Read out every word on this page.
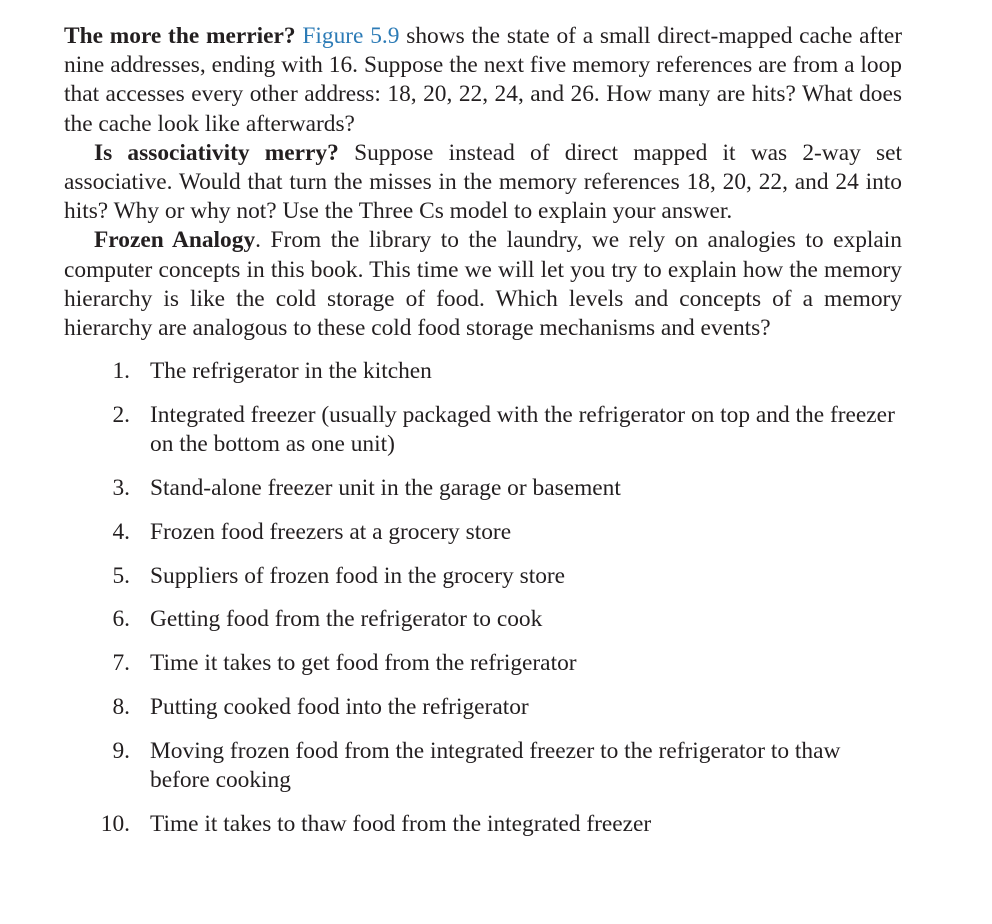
The more the merrier? Figure 5.9 shows the state of a small direct-mapped cache after nine addresses, ending with 16. Suppose the next five memory references are from a loop that accesses every other address: 18, 20, 22, 24, and 26. How many are hits? What does the cache look like afterwards?

Is associativity merry? Suppose instead of direct mapped it was 2-way set associative. Would that turn the misses in the memory references 18, 20, 22, and 24 into hits? Why or why not? Use the Three Cs model to explain your answer.

Frozen Analogy. From the library to the laundry, we rely on analogies to explain computer concepts in this book. This time we will let you try to explain how the memory hierarchy is like the cold storage of food. Which levels and concepts of a memory hierarchy are analogous to these cold food storage mechanisms and events?

1. The refrigerator in the kitchen
2. Integrated freezer (usually packaged with the refrigerator on top and the freezer on the bottom as one unit)
3. Stand-alone freezer unit in the garage or basement
4. Frozen food freezers at a grocery store
5. Suppliers of frozen food in the grocery store
6. Getting food from the refrigerator to cook
7. Time it takes to get food from the refrigerator
8. Putting cooked food into the refrigerator
9. Moving frozen food from the integrated freezer to the refrigerator to thaw before cooking
10. Time it takes to thaw food from the integrated freezer
